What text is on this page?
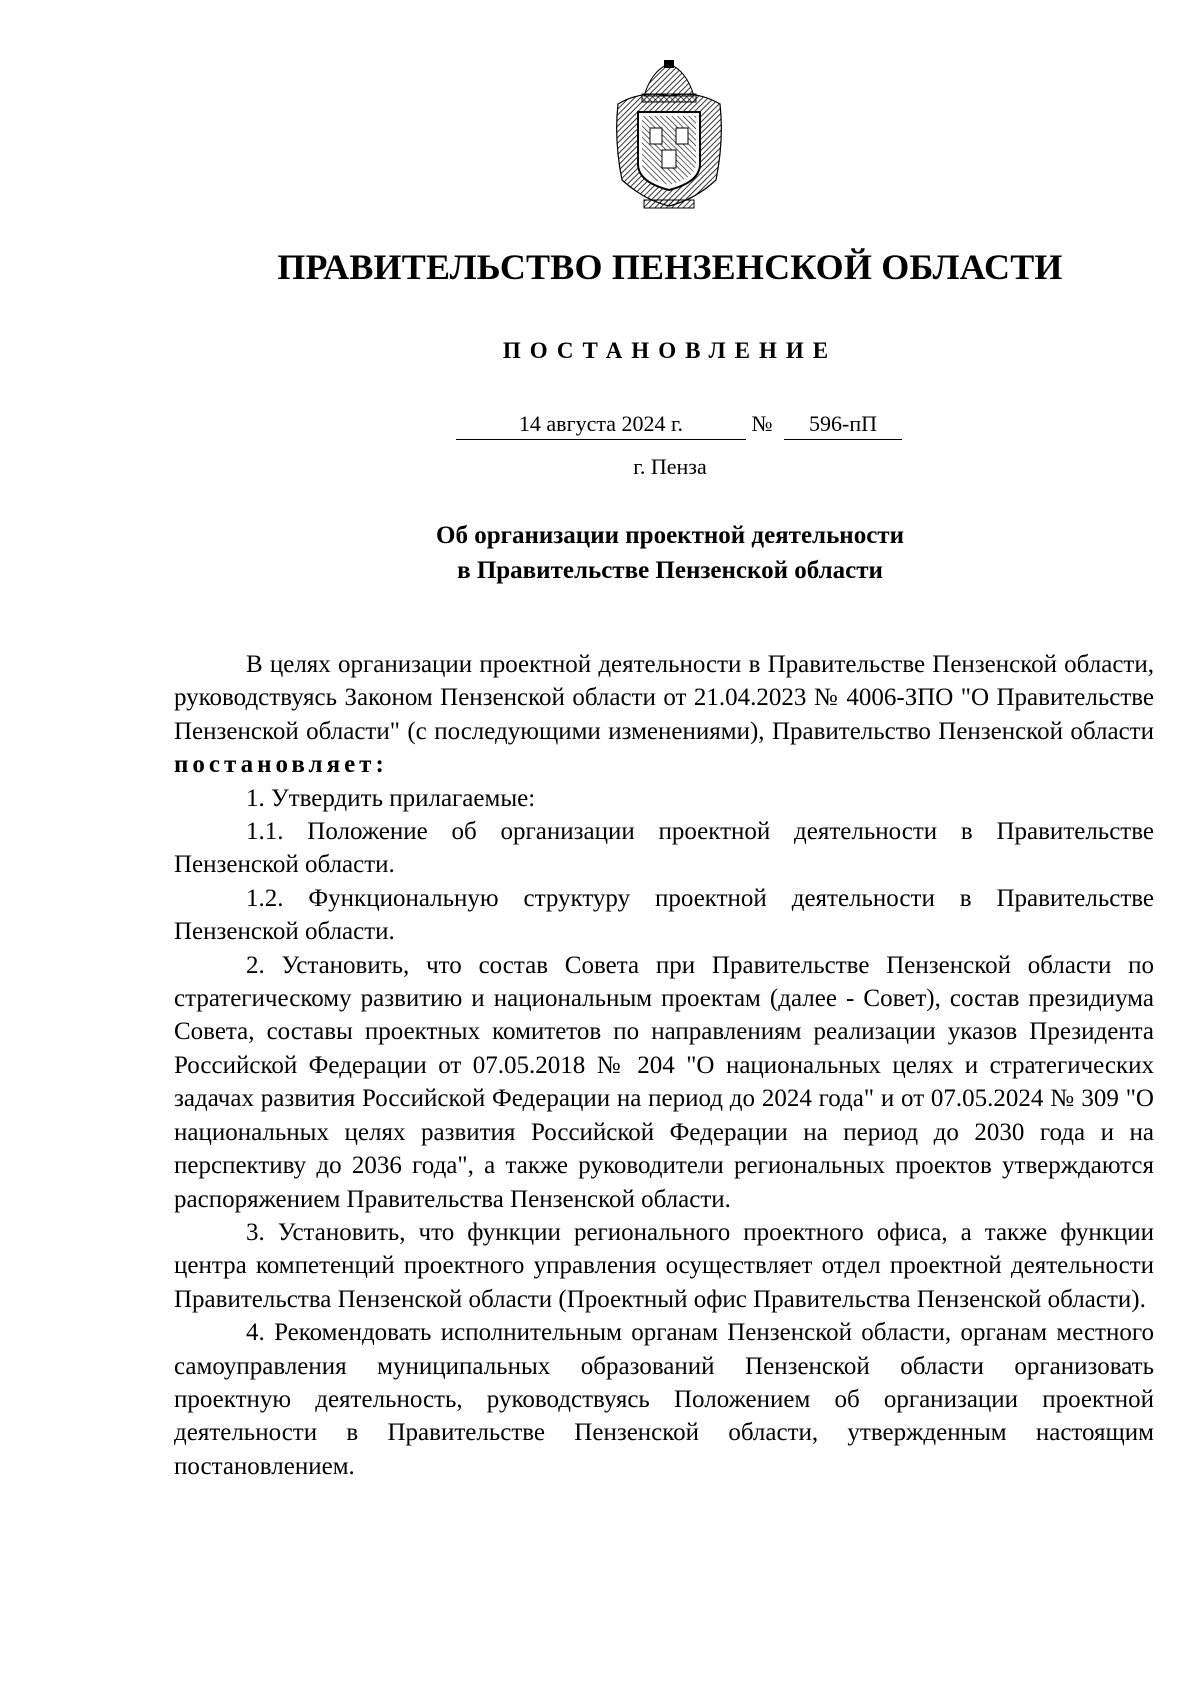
ПРАВИТЕЛЬСТВО ПЕНЗЕНСКОЙ ОБЛАСТИ
ПОСТАНОВЛЕНИЕ
14 августа 2024 г.	№	596-пП
г. Пенза
Об организации проектной деятельности
в Правительстве Пензенской области

В целях организации проектной деятельности в Правительстве Пензенской области, руководствуясь Законом Пензенской области от 21.04.2023 № 4006-ЗПО "О Правительстве Пензенской области" (с последующими изменениями), Правительство Пензенской области постановляет:

1. Утвердить прилагаемые:

1.1. Положение об организации проектной деятельности в Правительстве Пензенской области.

1.2. Функциональную структуру проектной деятельности в Правительстве Пензенской области.

2. Установить, что состав Совета при Правительстве Пензенской области по стратегическому развитию и национальным проектам (далее - Совет), состав президиума Совета, составы проектных комитетов по направлениям реализации указов Президента Российской Федерации от 07.05.2018 № 204 "О национальных целях и стратегических задачах развития Российской Федерации на период до 2024 года" и от 07.05.2024 № 309 "О национальных целях развития Российской Федерации на период до 2030 года и на перспективу до 2036 года", а также руководители региональных проектов утверждаются распоряжением Правительства Пензенской области.

3. Установить, что функции регионального проектного офиса, а также функции центра компетенций проектного управления осуществляет отдел проектной деятельности Правительства Пензенской области (Проектный офис Правительства Пензенской области).

4. Рекомендовать исполнительным органам Пензенской области, органам местного самоуправления муниципальных образований Пензенской области организовать проектную деятельность, руководствуясь Положением об организации проектной деятельности в Правительстве Пензенской области, утвержденным настоящим постановлением.
